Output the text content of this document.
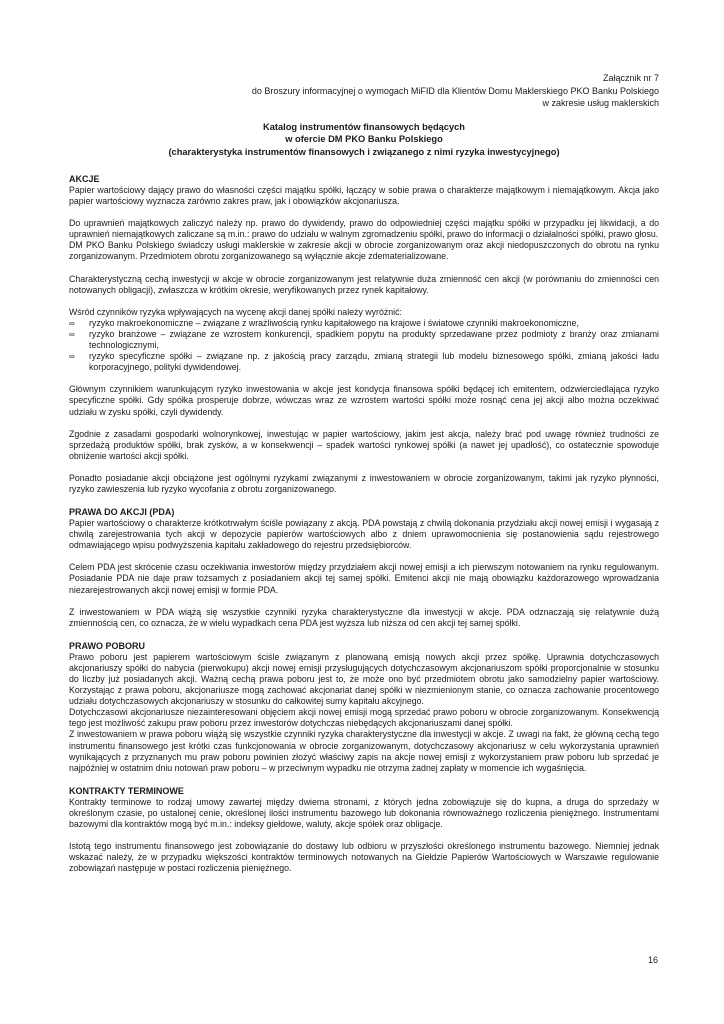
Załącznik nr 7
do Broszury informacyjnej o wymogach MiFID dla Klientów Domu Maklerskiego PKO Banku Polskiego
w zakresie usług maklerskich
Katalog instrumentów finansowych będących
w ofercie DM PKO Banku Polskiego
(charakterystyka instrumentów finansowych i związanego z nimi ryzyka inwestycyjnego)
AKCJE

Papier wartościowy dający prawo do własności części majątku spółki, łączący w sobie prawa o charakterze majątkowym i niemajątkowym. Akcja jako papier wartościowy wyznacza zarówno zakres praw, jak i obowiązków akcjonariusza.

Do uprawnień majątkowych zaliczyć należy np. prawo do dywidendy, prawo do odpowiedniej części majątku spółki w przypadku jej likwidacji, a do uprawnień niemajątkowych zaliczane są m.in.: prawo do udziału w walnym zgromadzeniu spółki, prawo do informacji o działalności spółki, prawo głosu.

DM PKO Banku Polskiego świadczy usługi maklerskie w zakresie akcji w obrocie zorganizowanym oraz akcji niedopuszczonych do obrotu na rynku zorganizowanym. Przedmiotem obrotu zorganizowanego są wyłącznie akcje zdematerializowane.

Charakterystyczną cechą inwestycji w akcje w obrocie zorganizowanym jest relatywnie duża zmienność cen akcji (w porównaniu do zmienności cen notowanych obligacji), zwłaszcza w krótkim okresie, weryfikowanych przez rynek kapitałowy.

Wśród czynników ryzyka wpływających na wycenę akcji danej spółki należy wyróżnić:

∞	ryzyko makroekonomiczne – związane z wrażliwością rynku kapitałowego na krajowe i światowe czynniki makroekonomiczne,
∞	ryzyko branżowe – związane ze wzrostem konkurencji, spadkiem popytu na produkty sprzedawane przez podmioty z branży oraz zmianami technologicznymi,
∞	ryzyko specyficzne spółki – związane np. z jakością pracy zarządu, zmianą strategii lub modelu biznesowego spółki, zmianą jakości ładu korporacyjnego, polityki dywidendowej.

Głównym czynnikiem warunkującym ryzyko inwestowania w akcje jest kondycja finansowa spółki będącej ich emitentem, odzwierciedlająca ryzyko specyficzne spółki. Gdy spółka prosperuje dobrze, wówczas wraz ze wzrostem wartości spółki może rosnąć cena jej akcji albo można oczekiwać udziału w zysku spółki, czyli dywidendy.

Zgodnie z zasadami gospodarki wolnorynkowej, inwestując w papier wartościowy, jakim jest akcja, należy brać pod uwagę również trudności ze sprzedażą produktów spółki, brak zysków, a w konsekwencji – spadek wartości rynkowej spółki (a nawet jej upadłość), co ostatecznie spowoduje obniżenie wartości akcji spółki.

Ponadto posiadanie akcji obciążone jest ogólnymi ryzykami związanymi z inwestowaniem w obrocie zorganizowanym, takimi jak ryzyko płynności, ryzyko zawieszenia lub ryzyko wycofania z obrotu zorganizowanego.

PRAWA DO AKCJI (PDA)

Papier wartościowy o charakterze krótkotrwałym ściśle powiązany z akcją. PDA powstają z chwilą dokonania przydziału akcji nowej emisji i wygasają z chwilą zarejestrowania tych akcji w depozycie papierów wartościowych albo z dniem uprawomocnienia się postanowienia sądu rejestrowego odmawiającego wpisu podwyższenia kapitału zakładowego do rejestru przedsiębiorców.

Celem PDA jest skrócenie czasu oczekiwania inwestorów między przydziałem akcji nowej emisji a ich pierwszym notowaniem na rynku regulowanym. Posiadanie PDA nie daje praw tożsamych z posiadaniem akcji tej samej spółki. Emitenci akcji nie mają obowiązku każdorazowego wprowadzania niezarejestrowanych akcji nowej emisji w formie PDA.

Z inwestowaniem w PDA wiążą się wszystkie czynniki ryzyka charakterystyczne dla inwestycji w akcje. PDA odznaczają się relatywnie dużą zmiennością cen, co oznacza, że w wielu wypadkach cena PDA jest wyższa lub niższa od cen akcji tej samej spółki.

PRAWO POBORU

Prawo poboru jest papierem wartościowym ściśle związanym z planowaną emisją nowych akcji przez spółkę. Uprawnia dotychczasowych akcjonariuszy spółki do nabycia (pierwokupu) akcji nowej emisji przysługujących dotychczasowym akcjonariuszom spółki proporcjonalnie w stosunku do liczby już posiadanych akcji. Ważną cechą prawa poboru jest to, że może ono być przedmiotem obrotu jako samodzielny papier wartościowy. Korzystając z prawa poboru, akcjonariusze mogą zachować akcjonariat danej spółki w niezmienionym stanie, co oznacza zachowanie procentowego udziału dotychczasowych akcjonariuszy w stosunku do całkowitej sumy kapitału akcyjnego.

Dotychczasowi akcjonariusze niezainteresowani objęciem akcji nowej emisji mogą sprzedać prawo poboru w obrocie zorganizowanym. Konsekwencją tego jest możliwość zakupu praw poboru przez inwestorów dotychczas niebędących akcjonariuszami danej spółki.

Z inwestowaniem w prawa poboru wiążą się wszystkie czynniki ryzyka charakterystyczne dla inwestycji w akcje. Z uwagi na fakt, że główną cechą tego instrumentu finansowego jest krótki czas funkcjonowania w obrocie zorganizowanym, dotychczasowy akcjonariusz w celu wykorzystania uprawnień wynikających z przyznanych mu praw poboru powinien złożyć właściwy zapis na akcje nowej emisji z wykorzystaniem praw poboru lub sprzedać je najpóźniej w ostatnim dniu notowań praw poboru – w przeciwnym wypadku nie otrzyma żadnej zapłaty w momencie ich wygaśnięcia.

KONTRAKTY TERMINOWE

Kontrakty terminowe to rodzaj umowy zawartej między dwiema stronami, z których jedna zobowiązuje się do kupna, a druga do sprzedaży w określonym czasie, po ustalonej cenie, określonej ilości instrumentu bazowego lub dokonania równoważnego rozliczenia pieniężnego. Instrumentami bazowymi dla kontraktów mogą być m.in.: indeksy giełdowe, waluty, akcje spółek oraz obligacje.

Istotą tego instrumentu finansowego jest zobowiązanie do dostawy lub odbioru w przyszłości określonego instrumentu bazowego. Niemniej jednak wskazać należy, że w przypadku większości kontraktów terminowych notowanych na Giełdzie Papierów Wartościowych w Warszawie regulowanie zobowiązań następuje w postaci rozliczenia pieniężnego.

16
